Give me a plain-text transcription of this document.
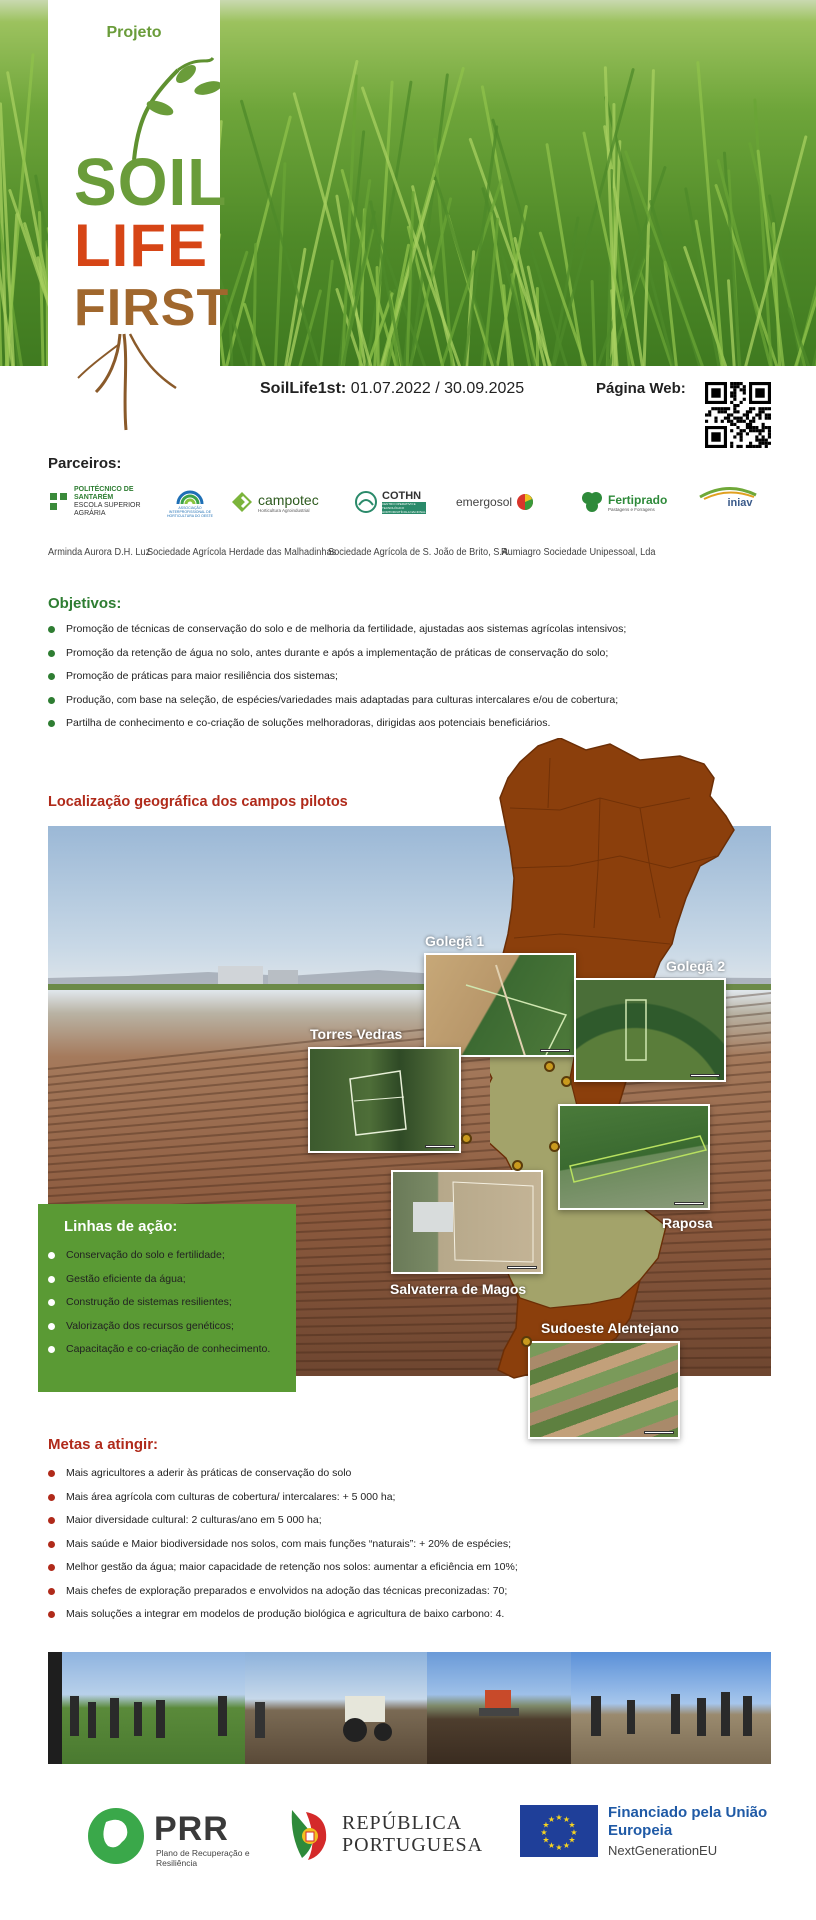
Projeto
SOIL
LIFE
FIRST
SoilLife1st: 01.07.2022 / 30.09.2025	Página Web:
Parceiros:
POLITÉCNICO DE SANTARÉM
ESCOLA SUPERIOR AGRÁRIA
ASSOCIAÇÃO INTERPROFISSIONAL DE HORTICULTURA DO OESTE
campotec
Horticultura Agroindustrial
COTHN
CENTRO OPERATIVO E TECNOLÓGICO HORTOFRUTÍCOLA NACIONAL
emergosol	Fertiprado
Pastagens e Forragens	iniav
Arminda Aurora D.H. Luz
Sociedade Agrícola Herdade das Malhadinhas
Sociedade Agrícola de S. João de Brito, S.A.
Rumiagro Sociedade Unipessoal, Lda
Objetivos:
Promoção de técnicas de conservação do solo e de melhoria da fertilidade, ajustadas aos sistemas agrícolas intensivos;
Promoção da retenção de água no solo, antes durante e após a implementação de práticas de conservação do solo;
Promoção de práticas para maior resiliência dos sistemas;
Produção, com base na seleção, de espécies/variedades mais adaptadas para culturas intercalares e/ou de cobertura;
Partilha de conhecimento e co-criação de soluções melhoradoras, dirigidas aos potenciais beneficiários.
Localização geográfica dos campos pilotos
Golegã 1
Golegã 2
Torres Vedras
Raposa
Salvaterra de Magos
Sudoeste Alentejano
Linhas de ação:
Conservação do solo e fertilidade;
Gestão eficiente da água;
Construção de sistemas resilientes;
Valorização dos recursos genéticos;
Capacitação e co-criação de conhecimento.
Metas a atingir:
Mais agricultores a aderir às práticas de conservação do solo
Mais área agrícola com culturas de cobertura/ intercalares: + 5 000 ha;
Maior diversidade cultural: 2 culturas/ano em 5 000 ha;
Mais saúde e Maior biodiversidade nos solos, com mais funções “naturais”: + 20% de espécies;
Melhor gestão da água; maior capacidade de retenção nos solos: aumentar a eficiência em 10%;
Mais chefes de exploração preparados e envolvidos na adoção das técnicas preconizadas: 70;
Mais soluções a integrar em modelos de produção biológica e agricultura de baixo carbono: 4.
PRR
Plano de Recuperação e Resiliência
REPÚBLICA PORTUGUESA
★
★
★
★
★
★
★
★
★ ★ ★
★
Financiado pela União Europeia
NextGenerationEU
